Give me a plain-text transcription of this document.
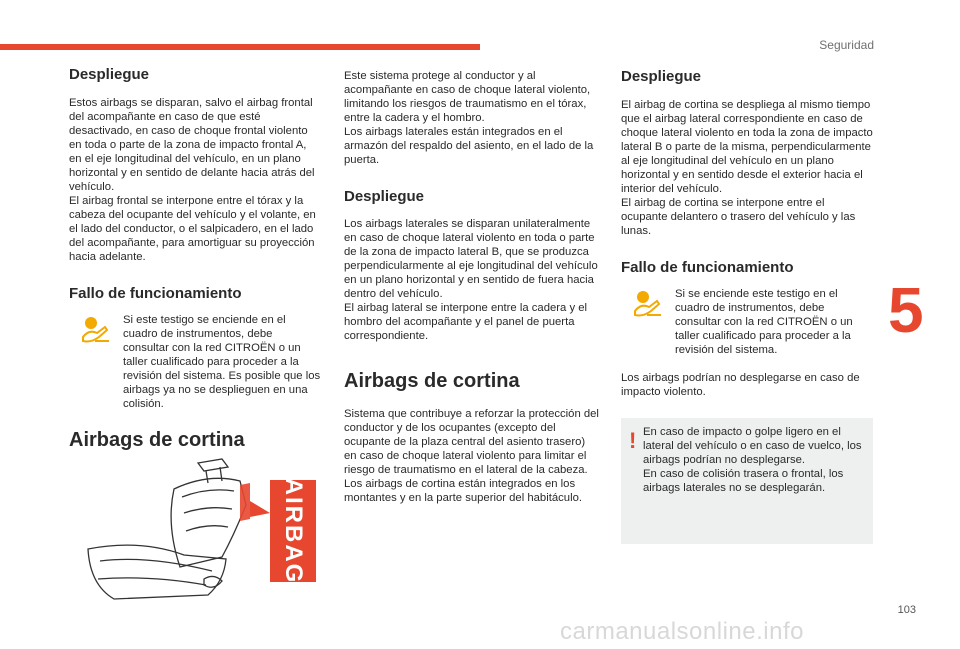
Seguridad
5
103
carmanualsonline.info
Despliegue

Estos airbags se disparan, salvo el airbag frontal del acompañante en caso de que esté desactivado, en caso de choque frontal violento en toda o parte de la zona de impacto frontal A, en el eje longitudinal del vehículo, en un plano horizontal y en sentido de delante hacia atrás del vehículo.

El airbag frontal se interpone entre el tórax y la cabeza del ocupante del vehículo y el volante, en el lado del conductor, o el salpicadero, en el lado del acompañante, para amortiguar su proyección hacia adelante.

Fallo de funcionamiento

Si este testigo se enciende en el cuadro de instrumentos, debe consultar con la red CITROËN o un taller cualificado para proceder a la revisión del sistema. Es posible que los airbags ya no se desplieguen en una colisión.

Airbags de cortina
AIRBAG

Este sistema protege al conductor y al acompañante en caso de choque lateral violento, limitando los riesgos de traumatismo en el tórax, entre la cadera y el hombro.

Los airbags laterales están integrados en el armazón del respaldo del asiento, en el lado de la puerta.

Despliegue

Los airbags laterales se disparan unilateralmente en caso de choque lateral violento en toda o parte de la zona de impacto lateral B, que se produzca perpendicularmente al eje longitudinal del vehículo en un plano horizontal y en sentido de fuera hacia dentro del vehículo.

El airbag lateral se interpone entre la cadera y el hombro del acompañante y el panel de puerta correspondiente.

Airbags de cortina

Sistema que contribuye a reforzar la protección del conductor y de los ocupantes (excepto del ocupante de la plaza central del asiento trasero) en caso de choque lateral violento para limitar el riesgo de traumatismo en el lateral de la cabeza.

Los airbags de cortina están integrados en los montantes y en la parte superior del habitáculo.

Despliegue

El airbag de cortina se despliega al mismo tiempo que el airbag lateral correspondiente en caso de choque lateral violento en toda la zona de impacto lateral B o parte de la misma, perpendicularmente al eje longitudinal del vehículo en un plano horizontal y en sentido desde el exterior hacia el interior del vehículo.

El airbag de cortina se interpone entre el ocupante delantero o trasero del vehículo y las lunas.

Fallo de funcionamiento

Si se enciende este testigo en el cuadro de instrumentos, debe consultar con la red CITROËN o un taller cualificado para proceder a la revisión del sistema.

Los airbags podrían no desplegarse en caso de impacto violento.

! En caso de impacto o golpe ligero en el lateral del vehículo o en caso de vuelco, los airbags podrían no desplegarse.

En caso de colisión trasera o frontal, los airbags laterales no se desplegarán.
